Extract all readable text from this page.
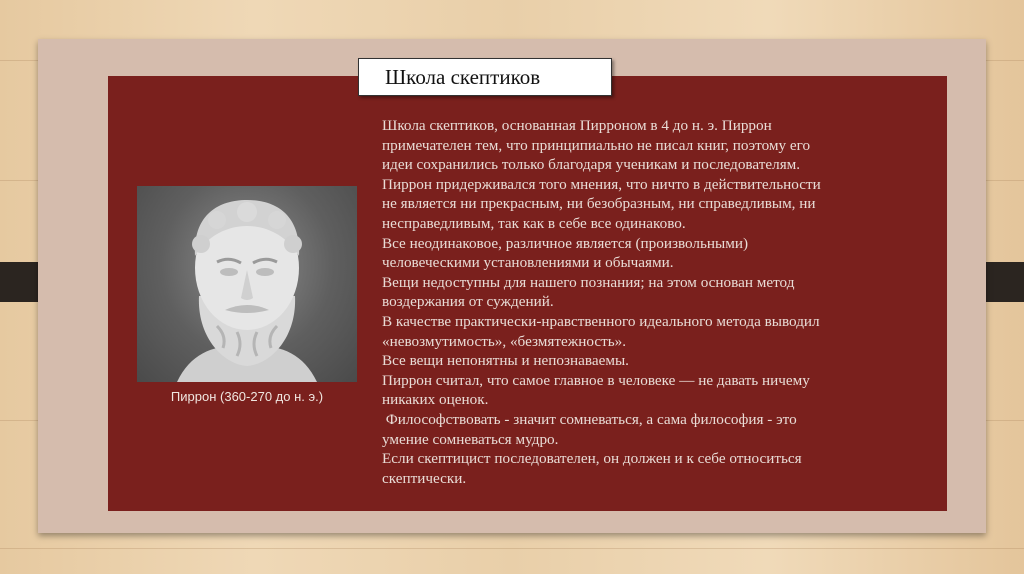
Школа скептиков
Пиррон (360-270 до н. э.)
Школа скептиков, основанная Пирроном в 4 до н. э. Пиррон
примечателен тем, что принципиально не писал книг, поэтому его
идеи сохранились только благодаря ученикам и последователям.
Пиррон придерживался того мнения, что ничто в действительности
не является ни прекрасным, ни безобразным, ни справедливым, ни
несправедливым, так как в себе все одинаково.
Все неодинаковое, различное является (произвольными)
человеческими установлениями и обычаями.
Вещи недоступны для нашего познания; на этом основан метод
воздержания от суждений.
В качестве практически-нравственного идеального метода выводил
«невозмутимость», «безмятежность».
Все вещи непонятны и непознаваемы.
Пиррон считал, что самое главное в человеке — не давать ничему
никаких оценок.
Философствовать - значит сомневаться, а сама философия - это
умение сомневаться мудро.
Если скептицист последователен, он должен и к себе относиться
скептически.
